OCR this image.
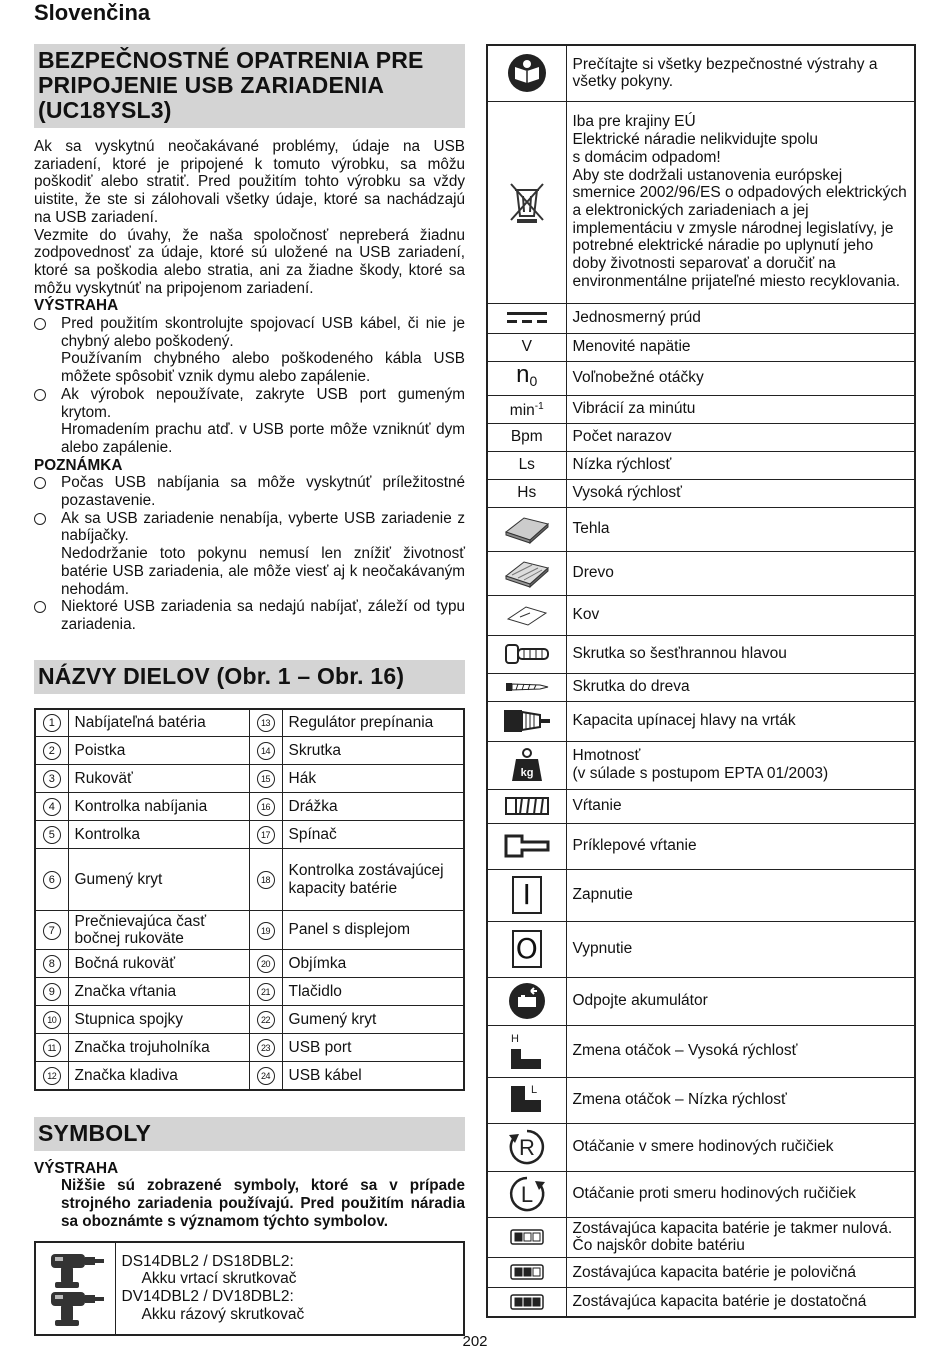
Slovenčina
BEZPEČNOSTNÉ OPATRENIA PRE PRIPOJENIE USB ZARIADENIA (UC18YSL3)

Ak sa vyskytnú neočakávané problémy, údaje na USB zariadení, ktoré je pripojené k tomuto výrobku, sa môžu poškodiť alebo stratiť. Pred použitím tohto výrobku sa vždy uistite, že ste si zálohovali všetky údaje, ktoré sa nachádzajú na USB zariadení.

Vezmite do úvahy, že naša spoločnosť nepreberá žiadnu zodpovednosť za údaje, ktoré sú uložené na USB zariadení, ktoré sa poškodia alebo stratia, ani za žiadne škody, ktoré sa môžu vyskytnúť na pripojenom zariadení.

VÝSTRAHA
Pred použitím skontrolujte spojovací USB kábel, či nie je chybný alebo poškodený.
Používaním chybného alebo poškodeného kábla USB môžete spôsobiť vznik dymu alebo zapálenie.
Ak výrobok nepoužívate, zakryte USB port gumeným krytom.
Hromadením prachu atď. v USB porte môže vzniknúť dym alebo zapálenie.
POZNÁMKA
Počas USB nabíjania sa môže vyskytnúť príležitostné pozastavenie.
Ak sa USB zariadenie nenabíja, vyberte USB zariadenie z nabíjačky.
Nedodržanie toto pokynu nemusí len znížiť životnosť batérie USB zariadenia, ale môže viesť aj k neočakávaným nehodám.
Niektoré USB zariadenia sa nedajú nabíjať, záleží od typu zariadenia.
NÁZVY DIELOV (Obr. 1 – Obr. 16)
1	Nabíjateľná batéria	13	Regulátor prepínania
2	Poistka	14	Skrutka
3	Rukoväť	15	Hák
4	Kontrolka nabíjania	16	Drážka
5	Kontrolka	17	Spínač
6	Gumený kryt	18	Kontrolka zostávajúcej kapacity batérie
7	Prečnievajúca časť bočnej rukoväte	19	Panel s displejom
8	Bočná rukoväť	20	Objímka
9	Značka vŕtania	21	Tlačidlo
10	Stupnica spojky	22	Gumený kryt
11	Značka trojuholníka	23	USB port
12	Značka kladiva	24	USB kábel
SYMBOLY
VÝSTRAHA

Nižšie sú zobrazené symboly, ktoré sa v prípade strojného zariadenia používajú. Pred použitím náradia sa oboznámte s významom týchto symbolov.

DS14DBL2 / DS18DBL2:
Akku vrtací skrutkovač
DV14DBL2 / DV18DBL2:
Akku rázový skrutkovač

Prečítajte si všetky bezpečnostné výstrahy a všetky pokyny.

Iba pre krajiny EÚ
Elektrické náradie nelikvidujte spolu
s domácim odpadom!
Aby ste dodržali ustanovenia európskej smernice 2002/96/ES o odpadových elektrických a elektronických zariadeniach a jej implementáciu v zmysle národnej legislatívy, je potrebné elektrické náradie po uplynutí jeho doby životnosti separovať a doručiť na environmentálne prijateľné miesto recyklovania.

Jednosmerný prúd

V	Menovité napätie

$n_0$	Voľnobežné otáčky

$\min^{-1}$	Vibrácií za minútu

Bpm	Počet narazov

Ls	Nízka rýchlosť

Hs	Vysoká rýchlosť

Tehla

Drevo

Kov

Skrutka so šesťhrannou hlavou

Skrutka do dreva

Kapacita upínacej hlavy na vrták

kg	Hmotnosť
(v súlade s postupom EPTA 01/2003)

Vŕtanie

Príklepové vŕtanie

I	Zapnutie

O	Vypnutie

Odpojte akumulátor

H	Zmena otáčok – Vysoká rýchlosť

L	Zmena otáčok – Nízka rýchlosť

R	Otáčanie v smere hodinových ručičiek

L	Otáčanie proti smeru hodinových ručičiek

Zostávajúca kapacita batérie je takmer nulová. Čo najskôr dobite batériu

Zostávajúca kapacita batérie je polovičná

Zostávajúca kapacita batérie je dostatočná
202
